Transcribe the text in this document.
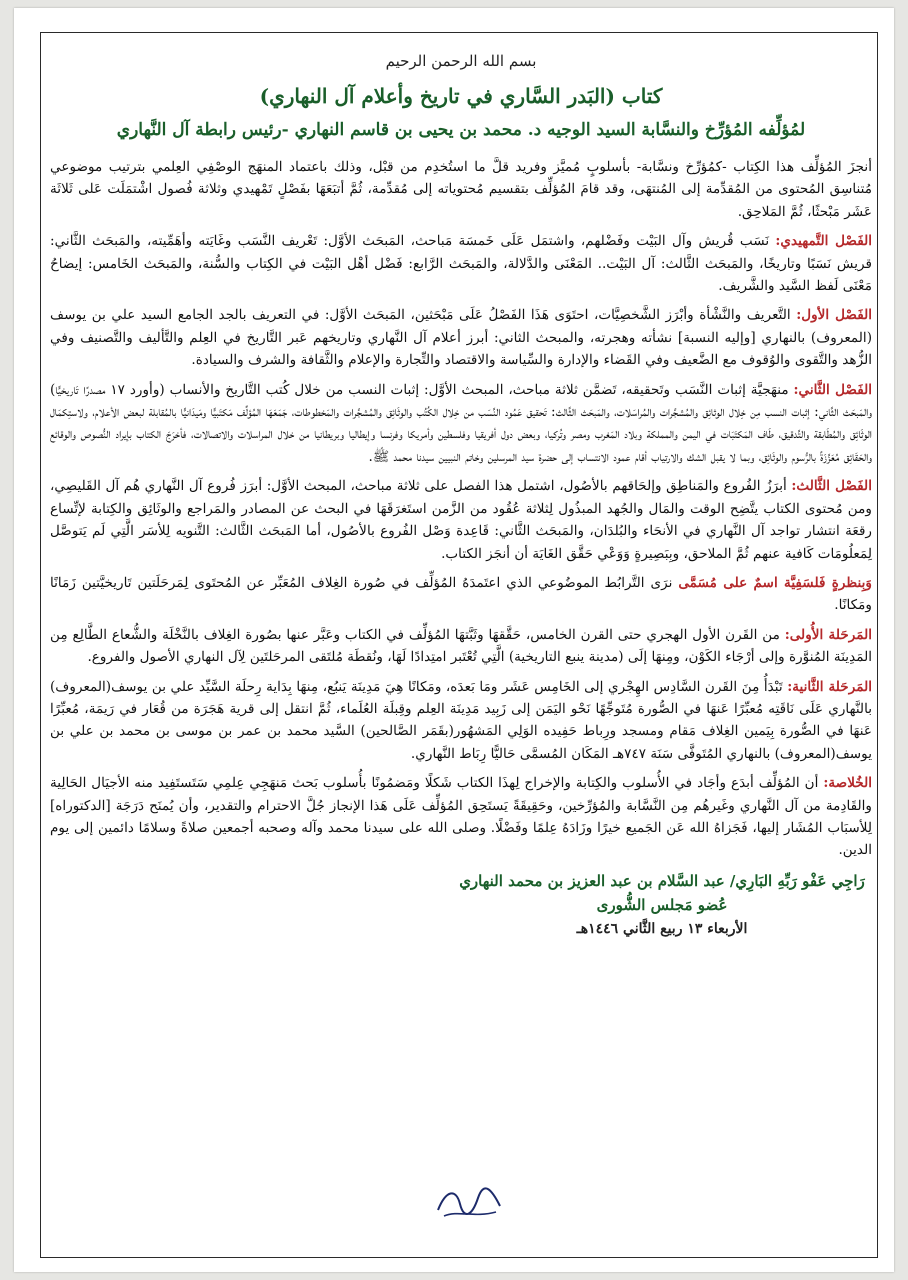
بسم الله الرحمن الرحيم
كتاب (البَدر السَّاري في تاريخ وأعلام آل النهاري)
لمُؤلِّفه المُؤرِّخ والنسَّابة السيد الوجيه د. محمد بن يحيى بن قاسم النهاري -رئيس رابطة آل النَّهاري

أنجزَ المُؤلِّف هذا الكِتاب -كمُؤرِّخ ونسَّابة- بأسلوبٍ مُميَّز وفريد قلَّ ما استُخدِم من قبْل، وذلك باعتماد المنهَج الوصْفِي العِلمي بترتيب موضوعي مُتناسِق المُحتوى من المُقدِّمة إلى المُنتهَى، وقد قامَ المُؤلِّف بتقسيم مُحتوياته إلى مُقدِّمة، ثُمَّ أتبَعَهَا بفَصْلٍ تَمْهيدي وثلاثة فُصول اشْتمَلَت عَلى ثَلاثَة عَشَر مَبْحثًا، ثُمَّ المَلاحِق.

الفَصْل التَّمهيدي: نَسَب قُريش وآل البَيْت وفَضْلهم، واشتمَل عَلَى خَمسَة مَباحث، المَبحَث الأوَّل: تَعْريف النَّسَب وغَايَته وأهَمِّيته، والمَبحَث الثَّاني: قريش نَسَبًا وتاريخًا، والمَبحَث الثَّالث: آل البَيْت.. المَعْنَى والدَّلالة، والمَبحَث الرَّابع: فَضْل أهْل البَيْت في الكِتاب والسُّنة، والمَبحَث الخَامس: إيضاحُ مَعْنَى لَفظ السَّيد والشَّريف.

الفَصْل الأول: التَّعريف والنَّشْأة وأبْرَز الشَّخصِيَّات، احتَوَى هَذَا الفَصْلُ عَلَى مَبْحَثين، المَبحَث الأوَّل: في التعريف بالجد الجامع السيد علي بن يوسف (المعروف) بالنهاري [وإليه النسبة] نشأته وهجرته، والمبحث الثاني: أبرز أعلام آل النَّهاري وتاريخهم عَبر التَّاريخ في العِلم والتَّأليف والتَّصنيف وفي الزُّهد والتَّقوى والوُقوف مع الضَّعيف وفي القَضاء والإدارة والسِّياسة والاقتصاد والتِّجارة والإعلام والثَّقافة والشرف والسيادة.

الفَصْل الثَّاني: منهَجيَّة إثبات النَّسَب وتَحقيقه، تَضمَّن ثلاثة مباحث، المبحث الأوَّل: إثبات النسب من خلال كُتب التَّاريخ والأنساب (وأورد ١٧ مصدرًا تَاريخيًّا) والمَبحَث الثَّاني: إثبات النسب مِن خِلال الوثائِق والمُشجَّرات والمُراسَلات، والمَبحَث الثَّالث: تَحقيق عَمُود النَّسَب من خِلال الكُتُب والوثَائِق والمُشجَّرات والمَخطوطات، جَمَعَهَا المُؤلِّف مَكتَبيًّا ومَيدَانيًّا بالمُقابلة لبعض الأعلام، ولاستِكمَال الوثَائِق والمُطَابقة والتَّدقيق، طَاف المَكتَبَات في اليمن والمملكة وبلاد المَغرب ومصر وتُركيا، وبعض دول أفريقيا وفلسطين وأمريكا وفرنسا وإيطاليا وبريطانيا من خلال المراسلات والاتصالات، فأخرَجَ الكتاب بإيراد النُّصوص والوقائع والحَقَائِق مُعَزَّزَةً بالرُّسوم والوثَائِق، وبما لا يقبل الشك والارتياب أقام عمود الانتساب إلى حضرة سيد المرسلين وخاتم النبيين سيدنا محمد ﷺ.

الفَصْل الثَّالث: أبرَزُ الفُروع والمَناطِق وإلحَاقهم بالأصُول، اشتمل هذا الفصل على ثلاثة مباحث، المبحث الأوَّل: أبرَز فُروع آل النَّهاري هُم آل القَليصِي، ومن مُحتوى الكتاب يتَّضِح الوقت والمَال والجُهد المبذُول لِثلاثة عُقُود من الزَّمن استَغرَقَهَا في البحث عن المصادر والمَراجع والوثَائِق والكِتابة لإتِّساع رقعَة انتشار تواجد آل النَّهاري في الأنحَاء والبُلدَان، والمَبحَث الثَّاني: قَاعِدة وَصْل الفُروع بالأصُول، أما المَبحَث الثَّالث: التَّنويه لِلأسَر الَّتِي لَم يَتوصَّل لِمَعلُومَات كَافية عنهم ثُمَّ الملاحق، وبِبَصِيرةٍ وَوَعْي حَقَّق الغَايَة أن أنجَز الكتاب.

وَبِنظرةٍ فَلسَفِيَّة اسمٌ على مُسَمَّى نرَى التَّرابُط الموضُوعي الذي اعتَمدَهُ المُؤلِّف في صُورة الغِلاف المُعَبِّر عن المُحتَوى لِمَرحَلَتين تَاريخيَّتين زَمَانًا ومَكانًا.

المَرحَلة الأُولى: من القَرن الأول الهجري حتى القرن الخامس، حَقَّقهَا وثَبَّتهَا المُؤلِّف في الكتاب وعَبَّر عنها بصُورة الغِلاف بالنَّخْلَة والشُّعاع الطَّالِع مِن المَدِينَة المُنوَّرة وإلى أرْجَاء الكَوْن، ومِنهَا إلَى (مدينة ينبع التاريخية) الَّتِي تُعْتَبر امتِدادًا لَهَا، ونُقطَة مُلتَقى المرحَلتَين لِآل النهاري الأصول والفروع.

المَرحَلة الثَّانية: تَبْدَأُ مِنَ القَرن السَّادِس الهِجْري إلى الخَامِس عَشَر ومَا بَعدَه، ومَكانًا هِيَ مَدِينَة يَنبُع، مِنهَا بِدَاية رِحلَة السَّيِّد علي بن يوسف(المعروف) بالنَّهاري عَلَى نَاقَتِه مُعبِّرًا عَنهَا في الصُّورة مُتَوجِّهًا نَحْو اليَمَن إلى زَبِيد مَدِينَة العِلم وقِبلَة العُلَماء، ثُمَّ انتقل إلى قرية هَجَرَة من قُعَار في رَيمَة، مُعبِّرًا عَنهَا في الصُّورة بِيَمين الغِلاف مَقام ومسجد ورِباط حَفِيده الوَلِي المَشهُور(بقَمَر الصَّالحين) السَّيد محمد بن عمر بن موسى بن محمد بن علي بن يوسف(المعروف) بالنهاري المُتَوفَّى سَنَة ٧٤٧هـ المَكَان المُسمَّى حَاليًّا رِبَاط النَّهاري.

الخُلاصة: أن المُؤلِّف أبدَع وأجَاد في الأُسلوب والكِتابة والإخراج لِهذَا الكتاب شَكلًا ومَضمُونًا بأُسلوب بَحث مَنهَجِي عِلمِي سَتَستَفِيد منه الأجيَال الحَالِية والقَادِمة من آل النَّهاري وغَيرهُم مِن النَّسَّابة والمُؤرِّخين، وحَقِيقَةً يَستَحِق المُؤلِّف عَلَى هَذا الإنجاز جُلَّ الاحترام والتقدير، وأن يُمنَح دَرَجَة [الدكتوراه] لِلأسبَاب المُشَار إليها، فَجَزاهُ الله عَن الجَميع خيرًا وزَادَهُ عِلمًا وفَضْلًا. وصلى الله على سيدنا محمد وآله وصحبه أجمعين صلاةً وسلامًا دائمين إلى يوم الدين.

رَاجِي عَفْو رَبِّهِ البَارِي/ عبد السَّلام بن عبد العزيز بن محمد النهاري
عُضو مَجلس الشُّورى
الأربعاء ١٣ ربيع الثَّاني ١٤٤٦هـ
